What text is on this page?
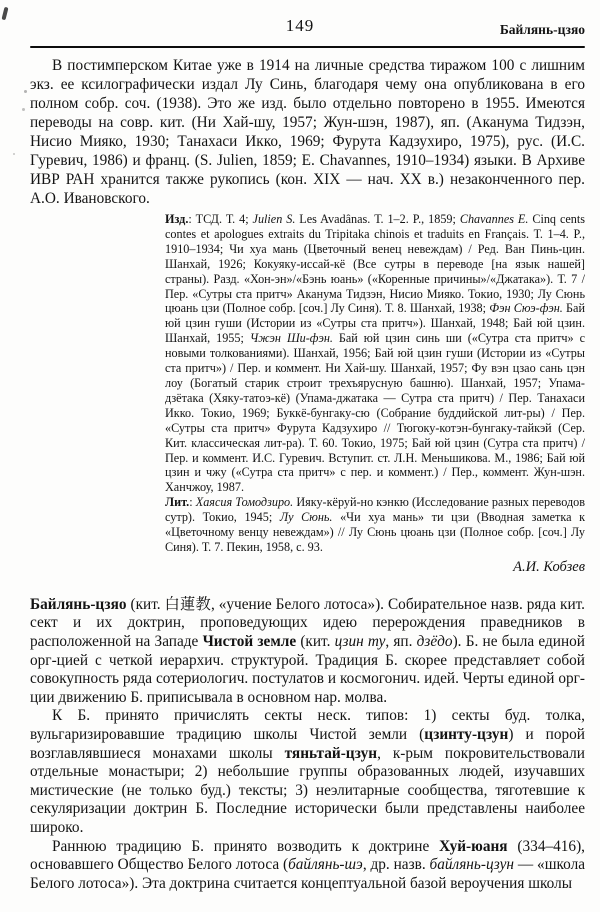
149	Байлянь-цзяо

В постимперском Китае уже в 1914 на личные средства тиражом 100 с лишним экз. ее ксилографически издал Лу Синь, благодаря чему она опубликована в его полном собр. соч. (1938). Это же изд. было отдельно повторено в 1955. Имеются переводы на совр. кит. (Ни Хай-шу, 1957; Жун-шэн, 1987), яп. (Аканума Тидзэн, Нисио Мияко, 1930; Танахаси Икко, 1969; Фурута Кадзухиро, 1975), рус. (И.С. Гуревич, 1986) и франц. (S. Julien, 1859; E. Chavannes, 1910–1934) языки. В Архиве ИВР РАН хранится также рукопись (кон. XIX — нач. XX в.) незаконченного пер. А.О. Ивановского.

Изд.: ТСД. Т. 4; Julien S. Les Avadânas. Т. 1–2. P., 1859; Chavannes E. Cinq cents contes et apologues extraits du Tripitaka chinois et traduits en Français. Т. 1–4. P., 1910–1934; Чи хуа мань (Цветочный венец невеждам) / Ред. Ван Пинь-цин. Шанхай, 1926; Кокуяку-иссай-кё (Все сутры в переводе [на язык нашей] страны). Разд. «Хон-эн»/«Бэнь юань» («Коренные причины»/«Джатака»). Т. 7 / Пер. «Сутры ста притч» Аканума Тидзэн, Нисио Мияко. Токио, 1930; Лу Сюнь цюань цзи (Полное собр. [соч.] Лу Синя). Т. 8. Шанхай, 1938; Фэн Сюэ-фэн. Бай юй цзин гуши (Истории из «Сутры ста притч»). Шанхай, 1948; Бай юй цзин. Шанхай, 1955; Чжэн Ши-фэн. Бай юй цзин синь ши («Сутра ста притч» с новыми толкованиями). Шанхай, 1956; Бай юй цзин гуши (Истории из «Сутры ста притч») / Пер. и коммент. Ни Хай-шу. Шанхай, 1957; Фу вэн цзао сань цэн лоу (Богатый старик строит трехъярусную башню). Шанхай, 1957; Упама-дзётака (Хяку-татоэ-кё) (Упама-джатака — Сутра ста притч) / Пер. Танахаси Икко. Токио, 1969; Буккё-бунгаку-сю (Собрание буддийской лит-ры) / Пер. «Сутры ста притч» Фурута Кадзухиро // Тюгоку-котэн-бунгаку-тайкэй (Сер. Кит. классическая лит-ра). Т. 60. Токио, 1975; Бай юй цзин (Сутра ста притч) / Пер. и коммент. И.С. Гуревич. Вступит. ст. Л.Н. Меньшикова. М., 1986; Бай юй цзин и чжу («Сутра ста притч» с пер. и коммент.) / Пер., коммент. Жун-шэн. Ханчжоу, 1987.

Лит.: Хаясия Томодзиро. Ияку-кёруй-но кэнкю (Исследование разных переводов сутр). Токио, 1945; Лу Сюнь. «Чи хуа мань» ти цзи (Вводная заметка к «Цветочному венцу невеждам») // Лу Сюнь цюань цзи (Полное собр. [соч.] Лу Синя). Т. 7. Пекин, 1958, с. 93.

А.И. Кобзев

Байлянь-цзяо (кит. 白蓮教, «учение Белого лотоса»). Собирательное назв. ряда кит. сект и их доктрин, проповедующих идею перерождения праведников в расположенной на Западе Чистой земле (кит. цзин ту, яп. дзёдо). Б. не была единой орг-цией с четкой иерархич. структурой. Традиция Б. скорее представляет собой совокупность ряда сотериологич. постулатов и космогонич. идей. Черты единой орг-ции движению Б. приписывала в основном нар. молва.

К Б. принято причислять секты неск. типов: 1) секты буд. толка, вульгаризировавшие традицию школы Чистой земли (цзинту-цзун) и порой возглавлявшиеся монахами школы тяньтай-цзун, к-рым покровительствовали отдельные монастыри; 2) небольшие группы образованных людей, изучавших мистические (не только буд.) тексты; 3) неэлитарные сообщества, тяготевшие к секуляризации доктрин Б. Последние исторически были представлены наиболее широко.

Раннюю традицию Б. принято возводить к доктрине Хуй-юаня (334–416), основавшего Общество Белого лотоса (байлянь-шэ, др. назв. байлянь-цзун — «школа Белого лотоса»). Эта доктрина считается концептуальной базой вероучения школы
